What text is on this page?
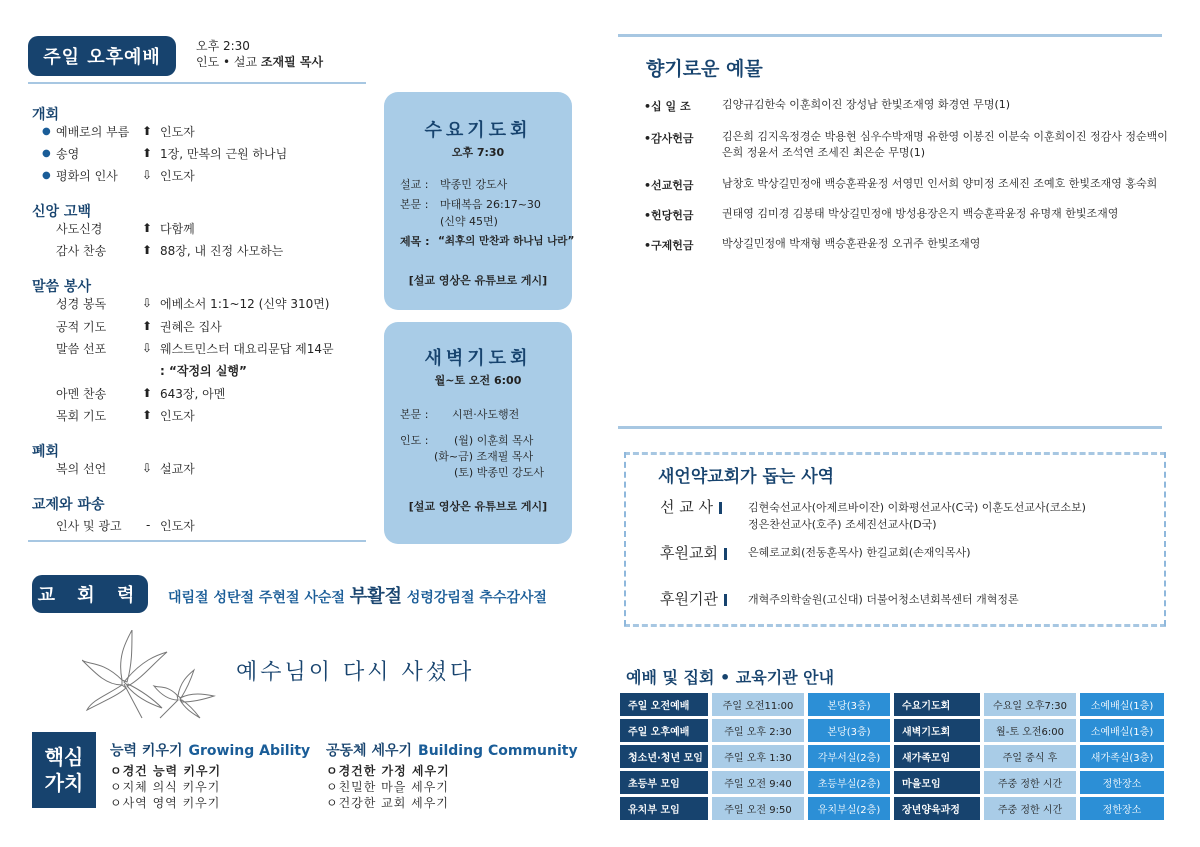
주일 오후예배
오후 2:30
인도 • 설교 조재필 목사
개회
● 예배로의 부름 ⬆ 인도자
● 송영	⬆ 1장, 만복의 근원 하나님
● 평화의 인사 ⇩ 인도자
신앙 고백
사도신경	⬆ 다함께
감사 찬송	⬆ 88장, 내 진정 사모하는
말씀 봉사
성경 봉독	⇩ 에베소서 1:1~12 (신약 310면)
공적 기도	⬆ 권혜은 집사
말씀 선포	⇩ 웨스트민스터 대요리문답 제14문
: “작정의 실행”
아멘 찬송	⬆ 643장, 아멘
목회 기도	⬆ 인도자
폐회
복의 선언	⇩ 설교자
교제와 파송
인사 및 광고 - 인도자
수요기도회
오후 7:30
설교 : 박종민 강도사
본문 : 마태복음 26:17~30
(신약 45면)
제목 : “최후의 만찬과 하나님 나라”
[설교 영상은 유튜브로 게시]
새벽기도회
월~토 오전 6:00
본문 : 시편·사도행전
인도 : (월) 이훈희 목사
(화~금) 조재필 목사
(토) 박종민 강도사
[설교 영상은 유튜브로 게시]
교 회 력	대림절 성탄절 주현절 사순절 부활절 성령강림절 추수감사절
예수님이 다시 사셨다
핵심
가치
능력 키우기 Growing Ability
ㅇ경건 능력 키우기
ㅇ지체 의식 키우기
ㅇ사역 영역 키우기
공동체 세우기 Building Community
ㅇ경건한 가정 세우기
ㅇ친밀한 마을 세우기
ㅇ건강한 교회 세우기
향기로운 예물
•십 일 조	김양규김한숙 이훈희이진 장성남 한빛조재영 화경연 무명(1)
•감사헌금	김은희 김지옥정경순 박용현 심우수박재명 유한영 이봉진 이분숙 이훈희이진 정감사 정순백이은희 정윤서 조석연 조세진 최은순 무명(1)
•선교헌금	남창호 박상길민정애 백승훈곽윤정 서영민 인서희 양미정 조세진 조예호 한빛조재영 홍숙희
•헌당헌금	권태영 김미경 김봉태 박상길민정애 방성용장은지 백승훈곽윤정 유명재 한빛조재영
•구제헌금	박상길민정애 박재형 백승훈관윤정 오귀주 한빛조재영
새언약교회가 돕는 사역
선 교 사	김현숙선교사(아제르바이잔) 이화평선교사(C국) 이훈도선교사(코소보)
정은찬선교사(호주) 조세진선교사(D국)
후원교회	은혜로교회(전동훈목사) 한길교회(손재익목사)
후원기관	개혁주의학술원(고신대) 더불어청소년회복센터 개혁정론
예배 및 집회 • 교육기관 안내
주일 오전예배	주일 오전11:00	본당(3층)	수요기도회	수요일 오후7:30	소예배실(1층)
주일 오후예배	주일 오후 2:30	본당(3층)	새벽기도회	월-토 오전6:00	소예배실(1층)
청소년·청년 모임	주일 오후 1:30	각부서실(2층)	새가족모임	주일 중식 후	새가족실(3층)
초등부 모임	주일 오전 9:40	초등부실(2층)	마을모임	주중 정한 시간	정한장소
유치부 모임	주일 오전 9:50	유치부실(2층)	장년양육과정	주중 정한 시간	정한장소
